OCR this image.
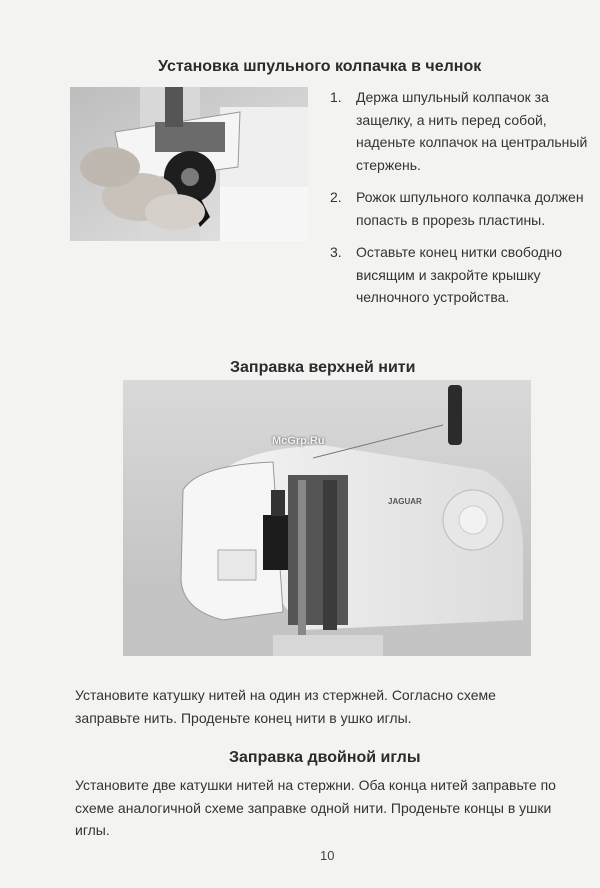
Установка шпульного колпачка в челнок
1. Держа шпульный колпачок за защелку, а нить перед собой, наденьте колпачок на центральный стержень.
2. Рожок шпульного колпачка должен попасть в прорезь пластины.
3. Оставьте конец нитки свободно висящим и закройте крышку челночного устройства.
Заправка верхней нити
JAGUAR
McGrp.Ru
Установите катушку нитей на один из стержней. Согласно схеме заправьте нить. Проденьте конец нити в ушко иглы.
Заправка двойной иглы
Установите две катушки нитей на стержни. Оба конца нитей заправьте по схеме аналогичной схеме заправке одной нити. Проденьте концы в ушки иглы.
10
